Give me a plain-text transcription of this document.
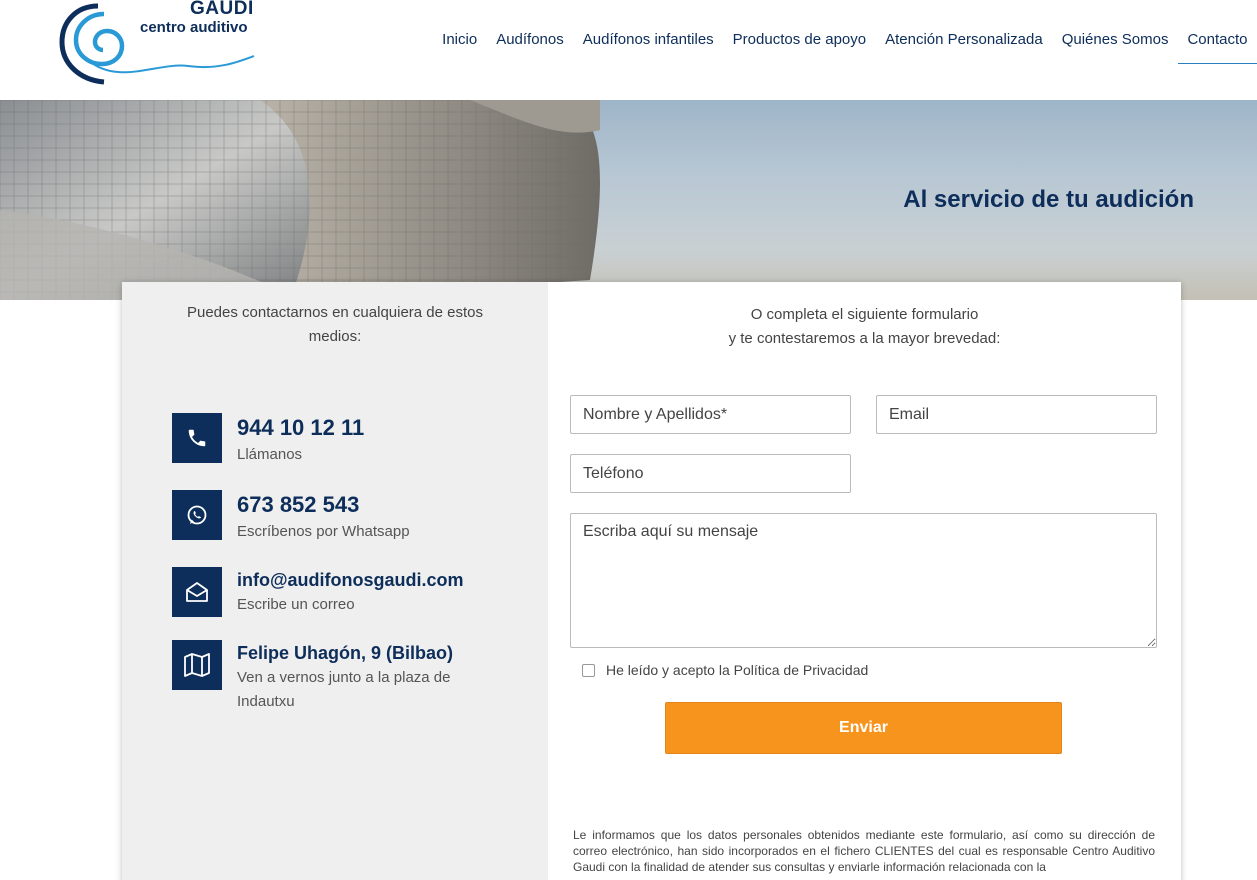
GAUDI
centro auditivo
Inicio	Audífonos	Audífonos infantiles	Productos de apoyo	Atención Personalizada	Quiénes Somos	Contacto
Al servicio de tu audición

Puedes contactarnos en cualquiera de estos medios:

944 10 12 11
Llámanos
673 852 543
Escríbenos por Whatsapp
info@audifonosgaudi.com
Escribe un correo
Felipe Uhagón, 9 (Bilbao)
Ven a vernos junto a la plaza de Indautxu
O completa el siguiente formulario
y te contestaremos a la mayor brevedad:
Nombre y Apellidos*
Email
Teléfono
Escriba aquí su mensaje
He leído y acepto la Política de Privacidad
Enviar

Le informamos que los datos personales obtenidos mediante este formulario, así como su dirección de correo electrónico, han sido incorporados en el fichero CLIENTES del cual es responsable Centro Auditivo Gaudi con la finalidad de atender sus consultas y enviarle información relacionada con la
